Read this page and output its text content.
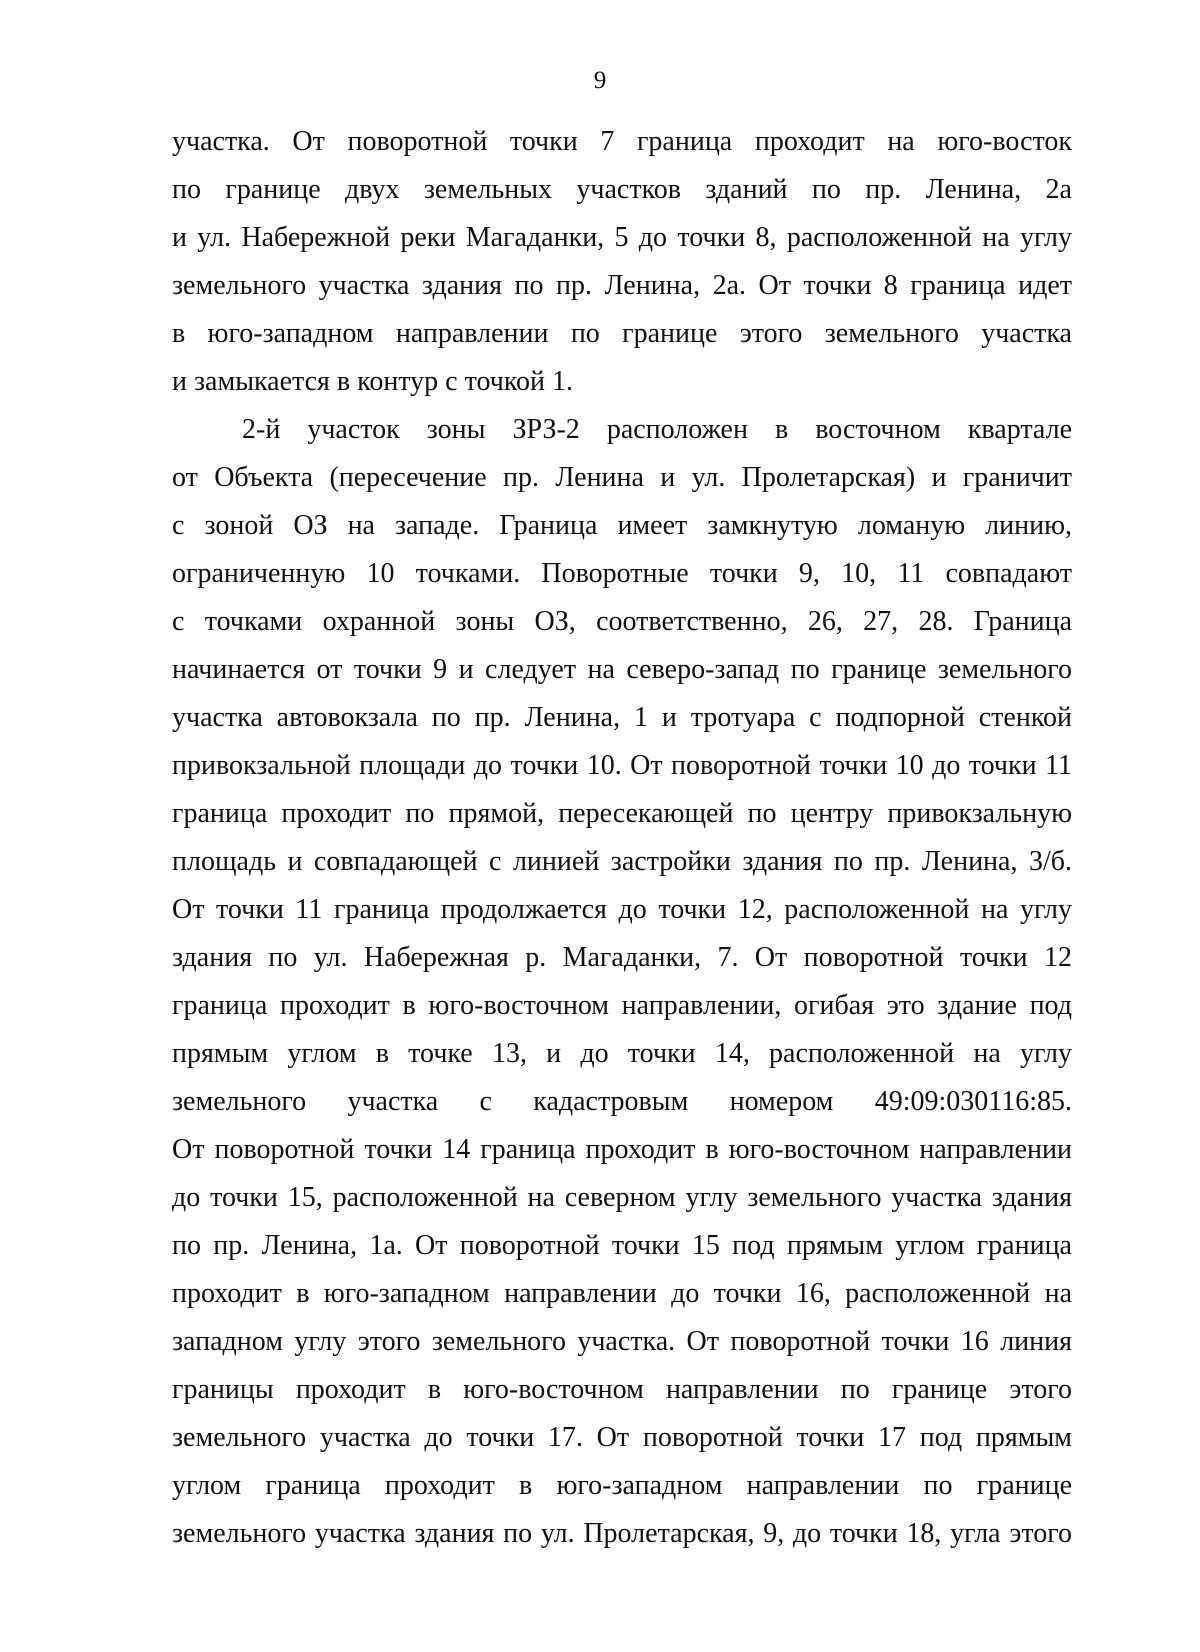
9
участка. От поворотной точки 7 граница проходит на юго-восток
по границе двух земельных участков зданий по пр. Ленина, 2а
и ул. Набережной реки Магаданки, 5 до точки 8, расположенной на углу
земельного участка здания по пр. Ленина, 2а. От точки 8 граница идет
в юго-западном направлении по границе этого земельного участка
и замыкается в контур с точкой 1.
2-й участок зоны ЗРЗ-2 расположен в восточном квартале
от Объекта (пересечение пр. Ленина и ул. Пролетарская) и граничит
с зоной ОЗ на западе. Граница имеет замкнутую ломаную линию,
ограниченную 10 точками. Поворотные точки 9, 10, 11 совпадают
с точками охранной зоны ОЗ, соответственно, 26, 27, 28. Граница
начинается от точки 9 и следует на северо-запад по границе земельного
участка автовокзала по пр. Ленина, 1 и тротуара с подпорной стенкой
привокзальной площади до точки 10. От поворотной точки 10 до точки 11
граница проходит по прямой, пересекающей по центру привокзальную
площадь и совпадающей с линией застройки здания по пр. Ленина, 3/б.
От точки 11 граница продолжается до точки 12, расположенной на углу
здания по ул. Набережная р. Магаданки, 7. От поворотной точки 12
граница проходит в юго-восточном направлении, огибая это здание под
прямым углом в точке 13, и до точки 14, расположенной на углу
земельного участка с кадастровым номером 49:09:030116:85.
От поворотной точки 14 граница проходит в юго-восточном направлении
до точки 15, расположенной на северном углу земельного участка здания
по пр. Ленина, 1а. От поворотной точки 15 под прямым углом граница
проходит в юго-западном направлении до точки 16, расположенной на
западном углу этого земельного участка. От поворотной точки 16 линия
границы проходит в юго-восточном направлении по границе этого
земельного участка до точки 17. От поворотной точки 17 под прямым
углом граница проходит в юго-западном направлении по границе
земельного участка здания по ул. Пролетарская, 9, до точки 18, угла этого
